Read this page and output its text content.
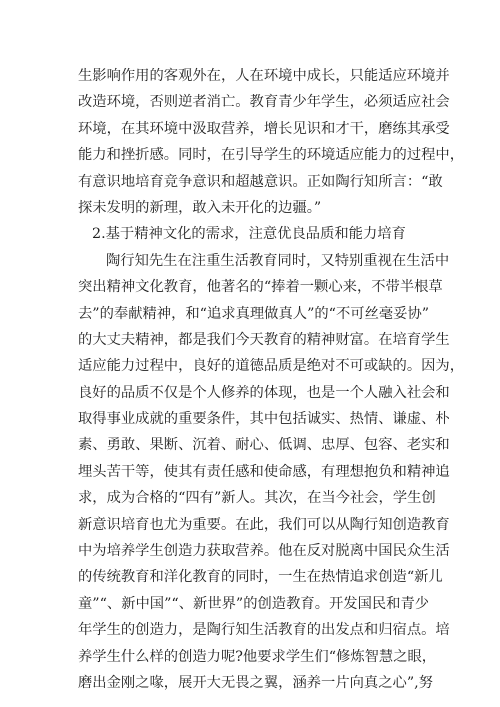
生影响作用的客观外在，人在环境中成长，只能适应环境并
改造环境，否则逆者消亡。教育青少年学生，必须适应社会
环境，在其环境中汲取营养，增长见识和才干，磨练其承受
能力和挫折感。同时，在引导学生的环境适应能力的过程中，
有意识地培育竞争意识和超越意识。正如陶行知所言：“敢
探未发明的新理，敢入未开化的边疆。”
2.基于精神文化的需求，注意优良品质和能力培育
陶行知先生在注重生活教育同时，又特别重视在生活中
突出精神文化教育，他著名的“捧着一颗心来，不带半根草
去”的奉献精神，和“追求真理做真人”的“不可丝毫妥协”
的大丈夫精神，都是我们今天教育的精神财富。在培育学生
适应能力过程中，良好的道德品质是绝对不可或缺的。因为，
良好的品质不仅是个人修养的体现，也是一个人融入社会和
取得事业成就的重要条件，其中包括诚实、热情、谦虚、朴
素、勇敢、果断、沉着、耐心、低调、忠厚、包容、老实和
埋头苦干等，使其有责任感和使命感，有理想抱负和精神追
求，成为合格的“四有”新人。其次，在当今社会，学生创
新意识培育也尤为重要。在此，我们可以从陶行知创造教育
中为培养学生创造力获取营养。他在反对脱离中国民众生活
的传统教育和洋化教育的同时，一生在热情追求创造“新儿
童”“、新中国”“、新世界”的创造教育。开发国民和青少
年学生的创造力，是陶行知生活教育的出发点和归宿点。培
养学生什么样的创造力呢?他要求学生们“修炼智慧之眼，
磨出金刚之喙，展开大无畏之翼，涵养一片向真之心”,努
